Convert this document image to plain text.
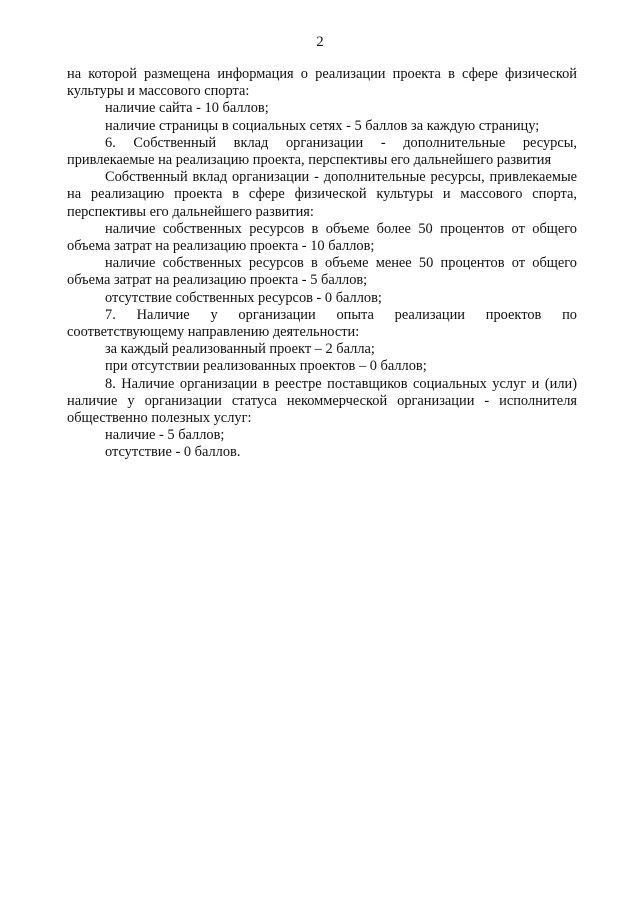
2

на которой размещена информация о реализации проекта в сфере физической культуры и массового спорта:

наличие сайта - 10 баллов;

наличие страницы в социальных сетях - 5 баллов за каждую страницу;

6. Собственный вклад организации - дополнительные ресурсы, привлекаемые на реализацию проекта, перспективы его дальнейшего развития

Собственный вклад организации - дополнительные ресурсы, привлекаемые на реализацию проекта в сфере физической культуры и массового спорта, перспективы его дальнейшего развития:

наличие собственных ресурсов в объеме более 50 процентов от общего объема затрат на реализацию проекта - 10 баллов;

наличие собственных ресурсов в объеме менее 50 процентов от общего объема затрат на реализацию проекта - 5 баллов;

отсутствие собственных ресурсов - 0 баллов;

7. Наличие у организации опыта реализации проектов по соответствующему направлению деятельности:

за каждый реализованный проект – 2 балла;

при отсутствии реализованных проектов – 0 баллов;

8. Наличие организации в реестре поставщиков социальных услуг и (или) наличие у организации статуса некоммерческой организации - исполнителя общественно полезных услуг:

наличие - 5 баллов;

отсутствие - 0 баллов.
